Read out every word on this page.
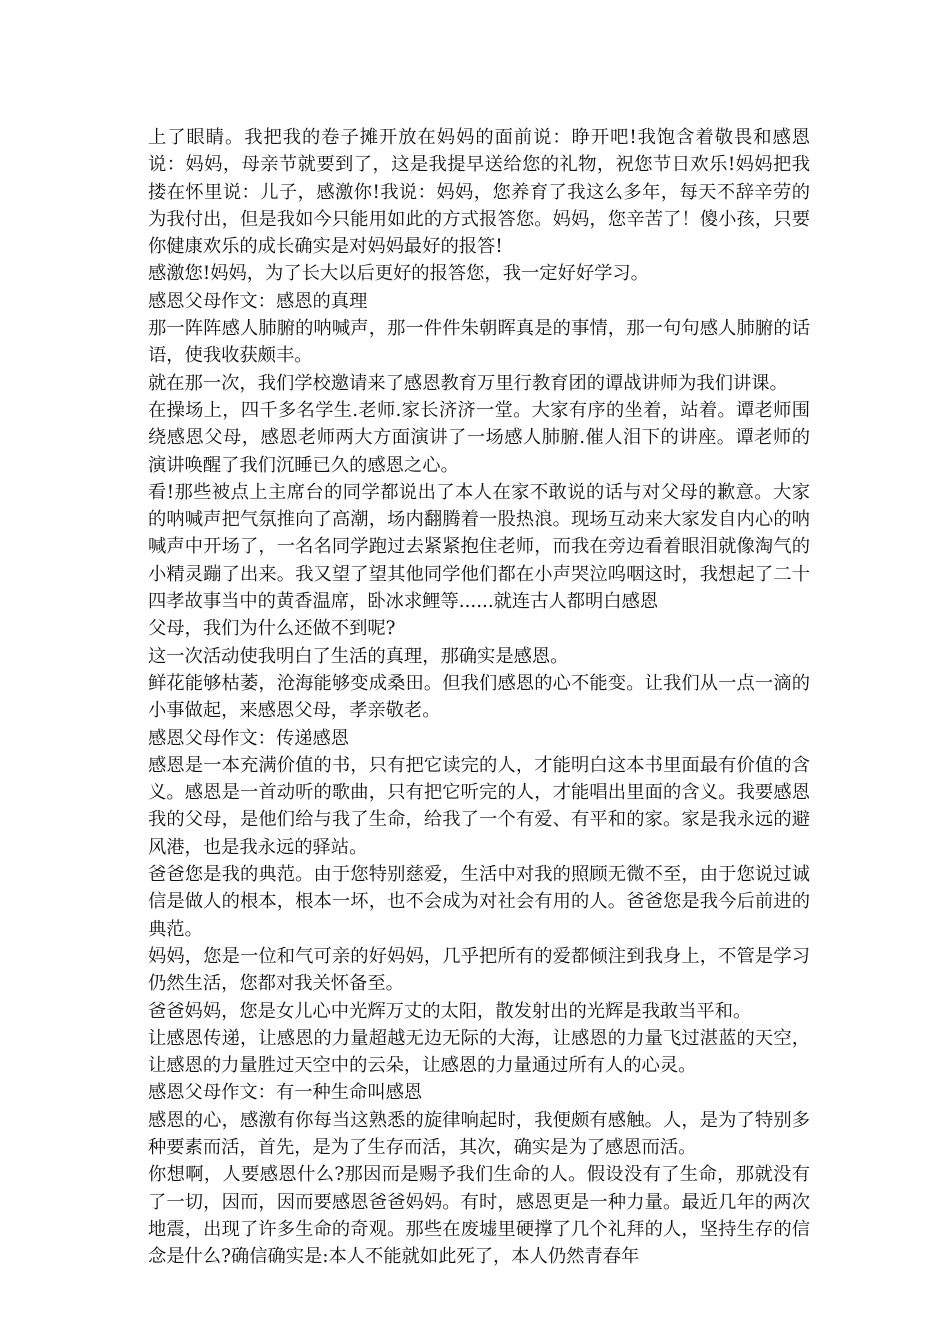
上了眼睛。我把我的卷子摊开放在妈妈的面前说：睁开吧!我饱含着敬畏和感恩说：妈妈，母亲节就要到了，这是我提早送给您的礼物，祝您节日欢乐!妈妈把我搂在怀里说：儿子，感激你!我说：妈妈，您养育了我这么多年，每天不辞辛劳的为我付出，但是我如今只能用如此的方式报答您。妈妈，您辛苦了！傻小孩，只要你健康欢乐的成长确实是对妈妈最好的报答!

感激您!妈妈，为了长大以后更好的报答您，我一定好好学习。

感恩父母作文：感恩的真理

那一阵阵感人肺腑的呐喊声，那一件件朱朝晖真是的事情，那一句句感人肺腑的话语，使我收获颇丰。

就在那一次，我们学校邀请来了感恩教育万里行教育团的谭战讲师为我们讲课。

在操场上，四千多名学生.老师.家长济济一堂。大家有序的坐着，站着。谭老师围绕感恩父母，感恩老师两大方面演讲了一场感人肺腑.催人泪下的讲座。谭老师的演讲唤醒了我们沉睡已久的感恩之心。

看!那些被点上主席台的同学都说出了本人在家不敢说的话与对父母的歉意。大家的呐喊声把气氛推向了高潮，场内翻腾着一股热浪。现场互动来大家发自内心的呐喊声中开场了，一名名同学跑过去紧紧抱住老师，而我在旁边看着眼泪就像淘气的小精灵蹦了出来。我又望了望其他同学他们都在小声哭泣呜咽这时，我想起了二十四孝故事当中的黄香温席，卧冰求鲤等......就连古人都明白感恩

父母，我们为什么还做不到呢?

这一次活动使我明白了生活的真理，那确实是感恩。

鲜花能够枯萎，沧海能够变成桑田。但我们感恩的心不能变。让我们从一点一滴的小事做起，来感恩父母，孝亲敬老。

感恩父母作文：传递感恩

感恩是一本充满价值的书，只有把它读完的人，才能明白这本书里面最有价值的含义。感恩是一首动听的歌曲，只有把它听完的人，才能唱出里面的含义。我要感恩我的父母，是他们给与我了生命，给我了一个有爱、有平和的家。家是我永远的避风港，也是我永远的驿站。

爸爸您是我的典范。由于您特别慈爱，生活中对我的照顾无微不至，由于您说过诚信是做人的根本，根本一坏，也不会成为对社会有用的人。爸爸您是我今后前进的典范。

妈妈，您是一位和气可亲的好妈妈，几乎把所有的爱都倾注到我身上，不管是学习仍然生活，您都对我关怀备至。

爸爸妈妈，您是女儿心中光辉万丈的太阳，散发射出的光辉是我敢当平和。

让感恩传递，让感恩的力量超越无边无际的大海，让感恩的力量飞过湛蓝的天空，让感恩的力量胜过天空中的云朵，让感恩的力量通过所有人的心灵。

感恩父母作文：有一种生命叫感恩

感恩的心，感激有你每当这熟悉的旋律响起时，我便颇有感触。人，是为了特别多种要素而活，首先，是为了生存而活，其次，确实是为了感恩而活。

你想啊，人要感恩什么?那因而是赐予我们生命的人。假设没有了生命，那就没有了一切，因而，因而要感恩爸爸妈妈。有时，感恩更是一种力量。最近几年的两次地震，出现了许多生命的奇观。那些在废墟里硬撑了几个礼拜的人，坚持生存的信念是什么?确信确实是:本人不能就如此死了，本人仍然青春年
